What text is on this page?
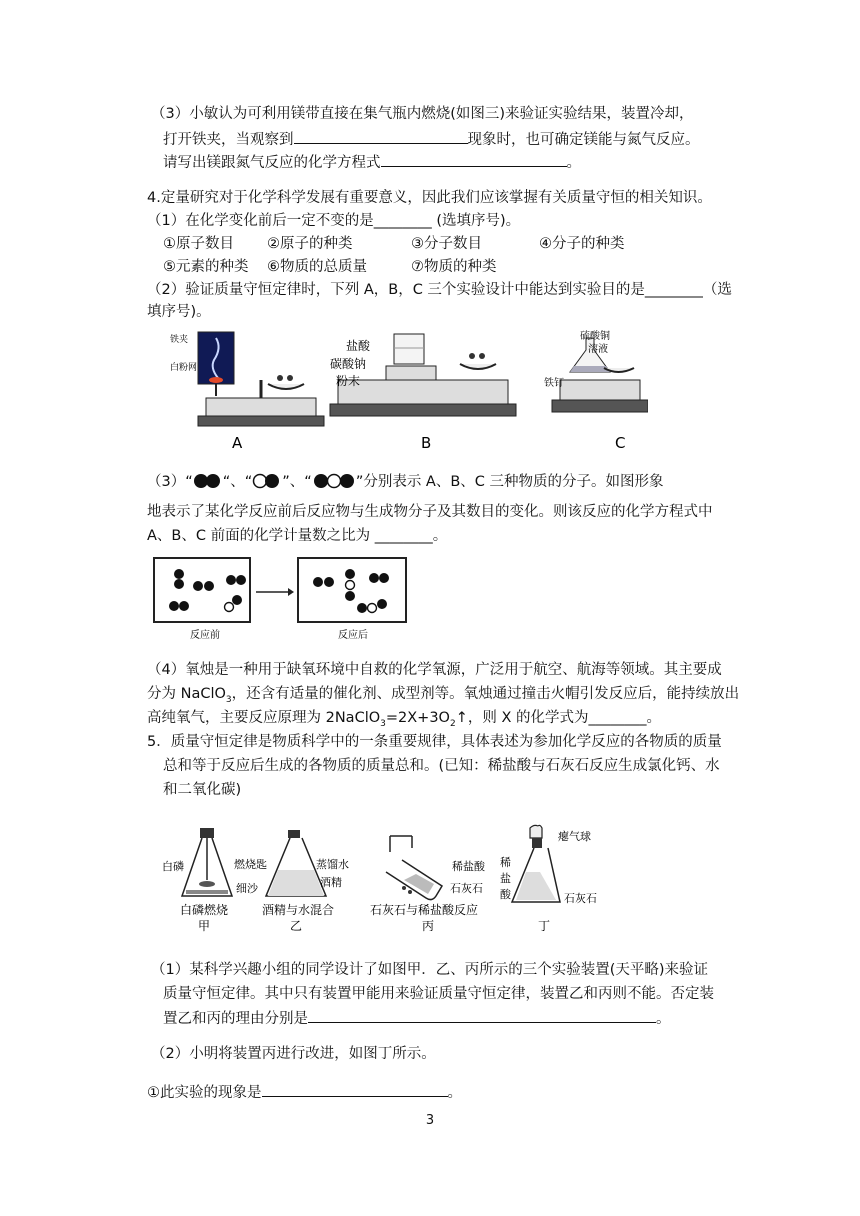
（3）小敏认为可利用镁带直接在集气瓶内燃烧(如图三)来验证实验结果，装置冷却，
打开铁夹，当观察到	现象时，也可确定镁能与氮气反应。
请写出镁跟氮气反应的化学方程式	。
4.定量研究对于化学科学发展有重要意义，因此我们应该掌握有关质量守恒的相关知识。
（1）在化学变化前后一定不变的是________ (选填序号)。
①原子数目 ②原子的种类	③分子数目	④分子的种类
⑤元素的种类 ⑥物质的总质量	⑦物质的种类
（2）验证质量守恒定律时，下列 A，B，C 三个实验设计中能达到实验目的是________（选
填序号)。
铁夹
白粉网
A
盐酸
碳酸钠
粉末
B
硫酸铜
溶液
铁钉
C
（3）“ “、“ ”、“	”分别表示 A、B、C 三种物质的分子。如图形象
地表示了某化学反应前后反应物与生成物分子及其数目的变化。则该反应的化学方程式中
A、B、C 前面的化学计量数之比为 ________。
反应前	反应后
（4）氧烛是一种用于缺氧环境中自救的化学氧源，广泛用于航空、航海等领域。其主要成
分为 NaClO$_3$，还含有适量的催化剂、成型剂等。氧烛通过撞击火帽引发反应后，能持续放出
高纯氧气，主要反应原理为 $2NaClO_3=2X+3O_2↑$，则 X 的化学式为________。
5．质量守恒定律是物质科学中的一条重要规律，具体表述为参加化学反应的各物质的质量
总和等于反应后生成的各物质的质量总和。(已知：稀盐酸与石灰石反应生成氯化钙、水
和二氧化碳)
白磷	燃烧匙
细沙
白磷燃烧
甲
蒸馏水
酒精
酒精与水混合
乙
稀盐酸
石灰石
石灰石与稀盐酸反应
丙
瘪气球
稀
盐
酸	石灰石
丁
（1）某科学兴趣小组的同学设计了如图甲．乙、丙所示的三个实验装置(天平略)来验证
质量守恒定律。其中只有装置甲能用来验证质量守恒定律，装置乙和丙则不能。否定装
置乙和丙的理由分别是	。
（2）小明将装置丙进行改进，如图丁所示。
①此实验的现象是	。
3
